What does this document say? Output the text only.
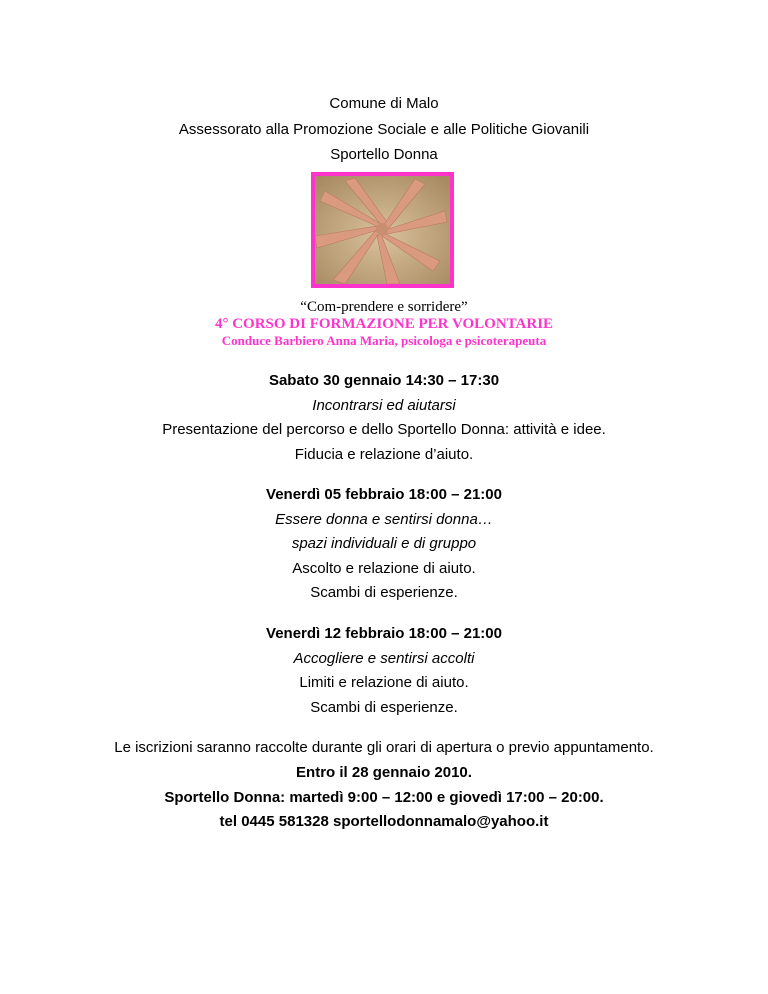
Comune di Malo
Assessorato alla Promozione Sociale e alle Politiche Giovanili
Sportello Donna
“Com-prendere e sorridere”
4° CORSO DI FORMAZIONE PER VOLONTARIE
Conduce Barbiero Anna Maria, psicologa e psicoterapeuta
Sabato 30 gennaio 14:30 – 17:30
Incontrarsi ed aiutarsi
Presentazione del percorso e dello Sportello Donna: attività e idee.
Fiducia e relazione d’aiuto.
Venerdì 05 febbraio 18:00 – 21:00
Essere donna e sentirsi donna…
spazi individuali e di gruppo
Ascolto e relazione di aiuto.
Scambi di esperienze.
Venerdì 12 febbraio 18:00 – 21:00
Accogliere e sentirsi accolti
Limiti e relazione di aiuto.
Scambi di esperienze.
Le iscrizioni saranno raccolte durante gli orari di apertura o previo appuntamento.
Entro il 28 gennaio 2010.
Sportello Donna: martedì 9:00 – 12:00 e giovedì 17:00 – 20:00.
tel 0445 581328 sportellodonnamalo@yahoo.it
